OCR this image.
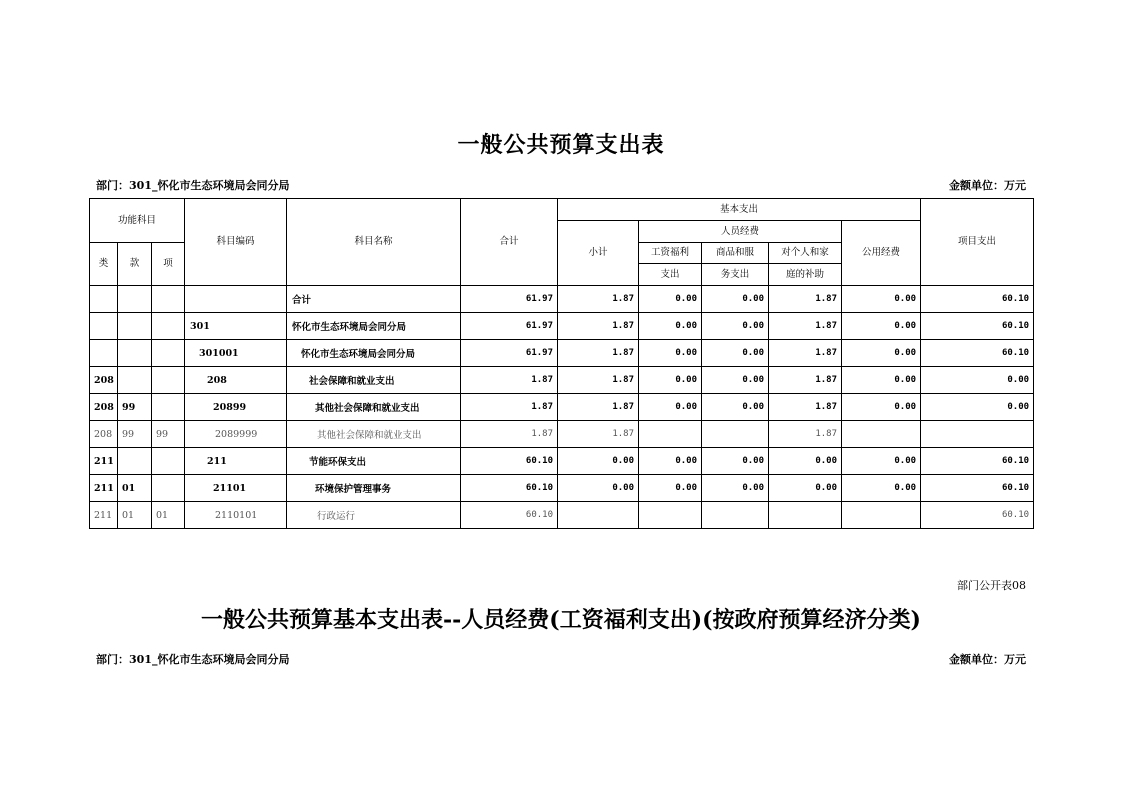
一般公共预算支出表
部门：301_怀化市生态环境局会同分局	金额单位：万元
功能科目			科目编码	科目名称	合计	基本支出					项目支出
						小计	人员经费			公用经费	
类	款	项					工资福利	商品和服	对个人和家		
							支出	务支出	庭的补助		
				合计	61.97	1.87	0.00	0.00	1.87	0.00	60.10
			301	怀化市生态环境局会同分局	61.97	1.87	0.00	0.00	1.87	0.00	60.10
			301001	怀化市生态环境局会同分局	61.97	1.87	0.00	0.00	1.87	0.00	60.10
208			208	社会保障和就业支出	1.87	1.87	0.00	0.00	1.87	0.00	0.00
208	99		20899	其他社会保障和就业支出	1.87	1.87	0.00	0.00	1.87	0.00	0.00
208	99	99	2089999	其他社会保障和就业支出	1.87	1.87			1.87		
211			211	节能环保支出	60.10	0.00	0.00	0.00	0.00	0.00	60.10
211	01		21101	环境保护管理事务	60.10	0.00	0.00	0.00	0.00	0.00	60.10
211	01	01	2110101	行政运行	60.10						60.10
部门公开表08
一般公共预算基本支出表--人员经费(工资福利支出)(按政府预算经济分类)
部门：301_怀化市生态环境局会同分局	金额单位：万元
